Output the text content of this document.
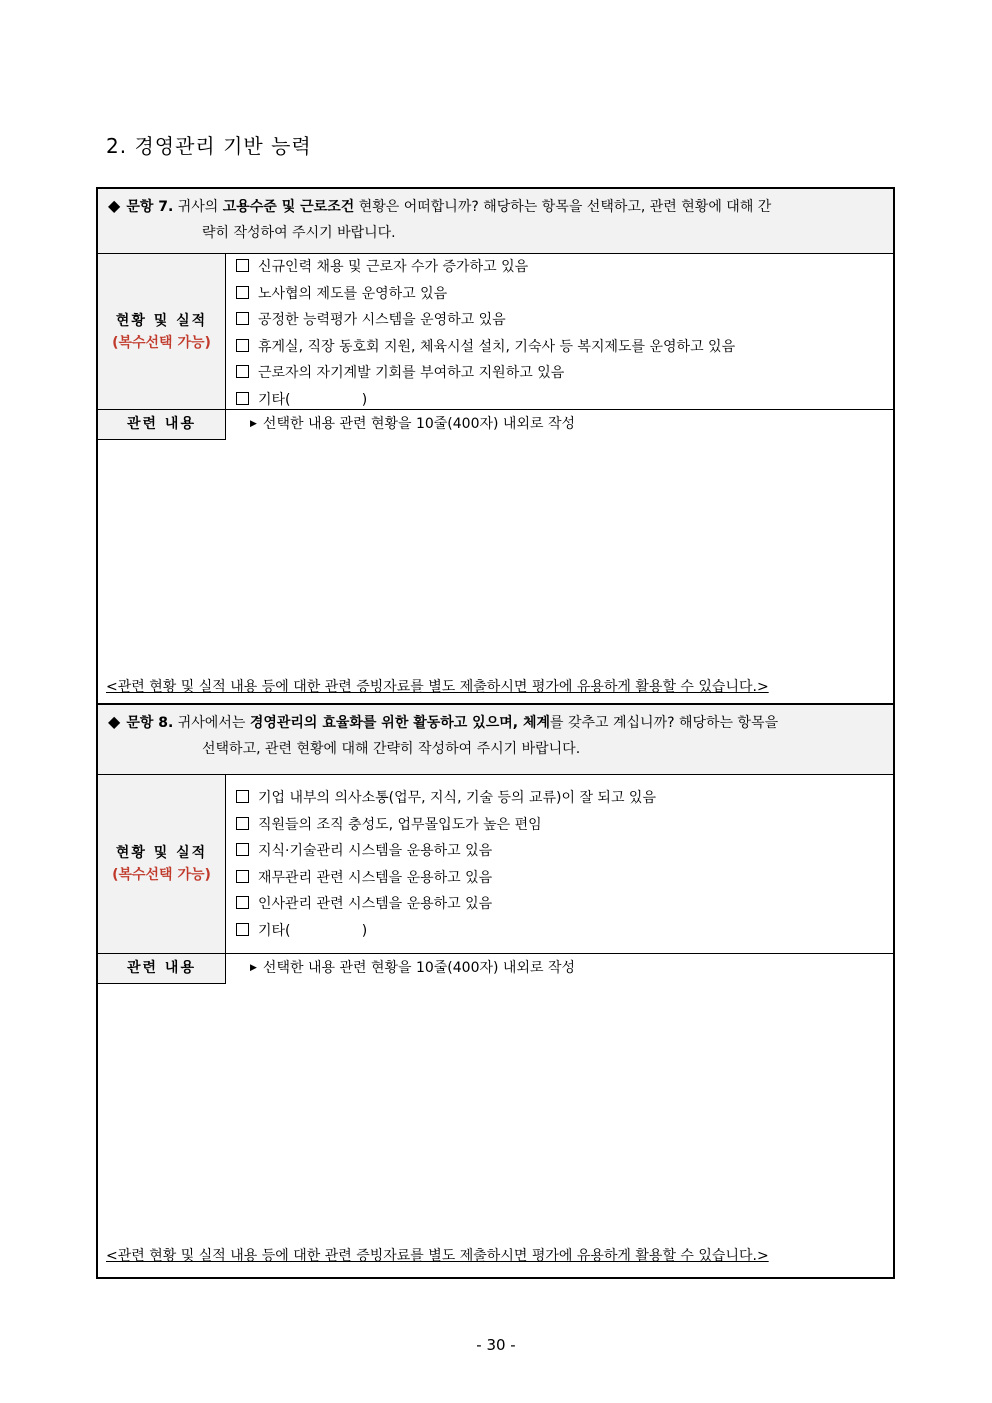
2. 경영관리 기반 능력
◆ 문항 7. 귀사의 고용수준 및 근로조건 현황은 어떠합니까? 해당하는 항목을 선택하고, 관련 현황에 대해 간
략히 작성하여 주시기 바랍니다.
현황 및 실적
(복수선택 가능)
신규인력 채용 및 근로자 수가 증가하고 있음
노사협의 제도를 운영하고 있음
공정한 능력평가 시스템을 운영하고 있음
휴게실, 직장 동호회 지원, 체육시설 설치, 기숙사 등 복지제도를 운영하고 있음
근로자의 자기계발 기회를 부여하고 지원하고 있음
기타(                )
관련 내용	▶ 선택한 내용 관련 현황을 10줄(400자) 내외로 작성
<관련 현황 및 실적 내용 등에 대한 관련 증빙자료를 별도 제출하시면 평가에 유용하게 활용할 수 있습니다.>
◆ 문항 8. 귀사에서는 경영관리의 효율화를 위한 활동하고 있으며, 체계를 갖추고 계십니까? 해당하는 항목을
선택하고, 관련 현황에 대해 간략히 작성하여 주시기 바랍니다.
현황 및 실적
(복수선택 가능)
기업 내부의 의사소통(업무, 지식, 기술 등의 교류)이 잘 되고 있음
직원들의 조직 충성도, 업무몰입도가 높은 편임
지식·기술관리 시스템을 운용하고 있음
재무관리 관련 시스템을 운용하고 있음
인사관리 관련 시스템을 운용하고 있음
기타(                )
관련 내용	▶ 선택한 내용 관련 현황을 10줄(400자) 내외로 작성
<관련 현황 및 실적 내용 등에 대한 관련 증빙자료를 별도 제출하시면 평가에 유용하게 활용할 수 있습니다.>
- 30 -
